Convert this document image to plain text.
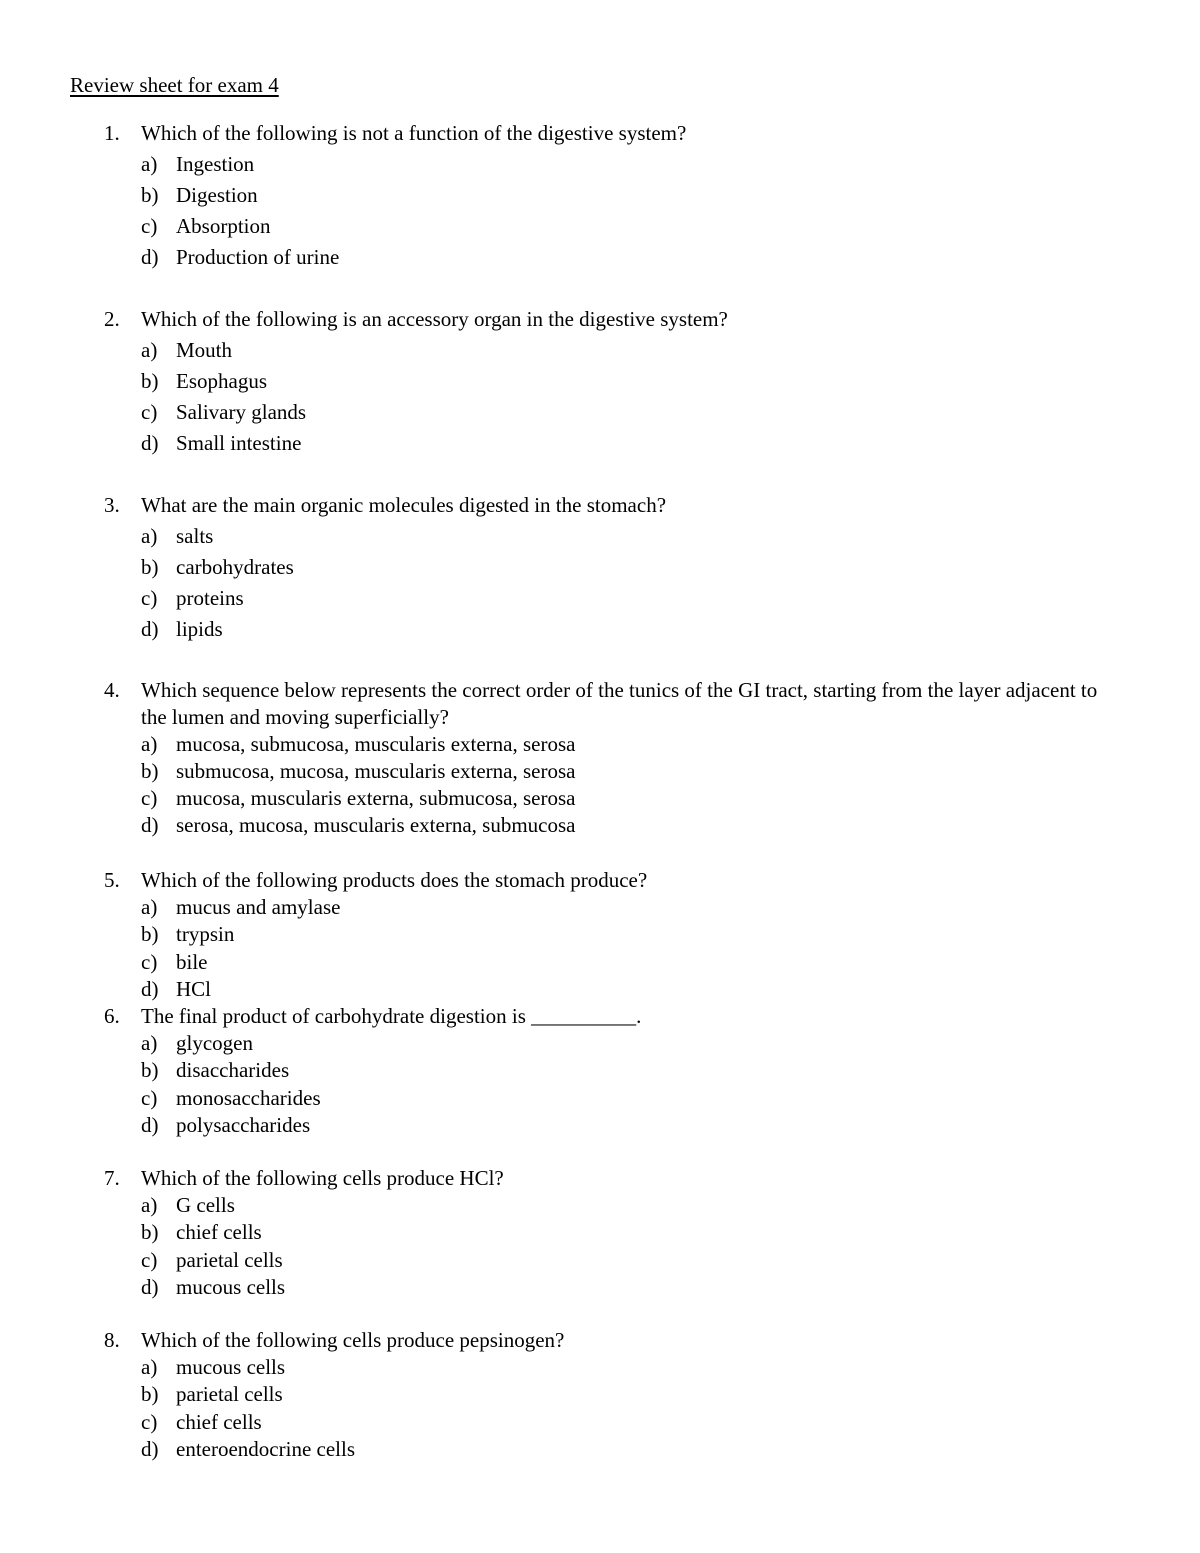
Review sheet for exam 4
1. Which of the following is not a function of the digestive system?
a) Ingestion
b) Digestion
c) Absorption
d) Production of urine
2. Which of the following is an accessory organ in the digestive system?
a) Mouth
b) Esophagus
c) Salivary glands
d) Small intestine
3. What are the main organic molecules digested in the stomach?
a) salts
b) carbohydrates
c) proteins
d) lipids
4. Which sequence below represents the correct order of the tunics of the GI tract, starting from the layer adjacent to the lumen and moving superficially?
a) mucosa, submucosa, muscularis externa, serosa
b) submucosa, mucosa, muscularis externa, serosa
c) mucosa, muscularis externa, submucosa, serosa
d) serosa, mucosa, muscularis externa, submucosa
5. Which of the following products does the stomach produce?
a) mucus and amylase
b) trypsin
c) bile
d) HCl
6. The final product of carbohydrate digestion is __________.
a) glycogen
b) disaccharides
c) monosaccharides
d) polysaccharides
7. Which of the following cells produce HCl?
a) G cells
b) chief cells
c) parietal cells
d) mucous cells
8. Which of the following cells produce pepsinogen?
a) mucous cells
b) parietal cells
c) chief cells
d) enteroendocrine cells
